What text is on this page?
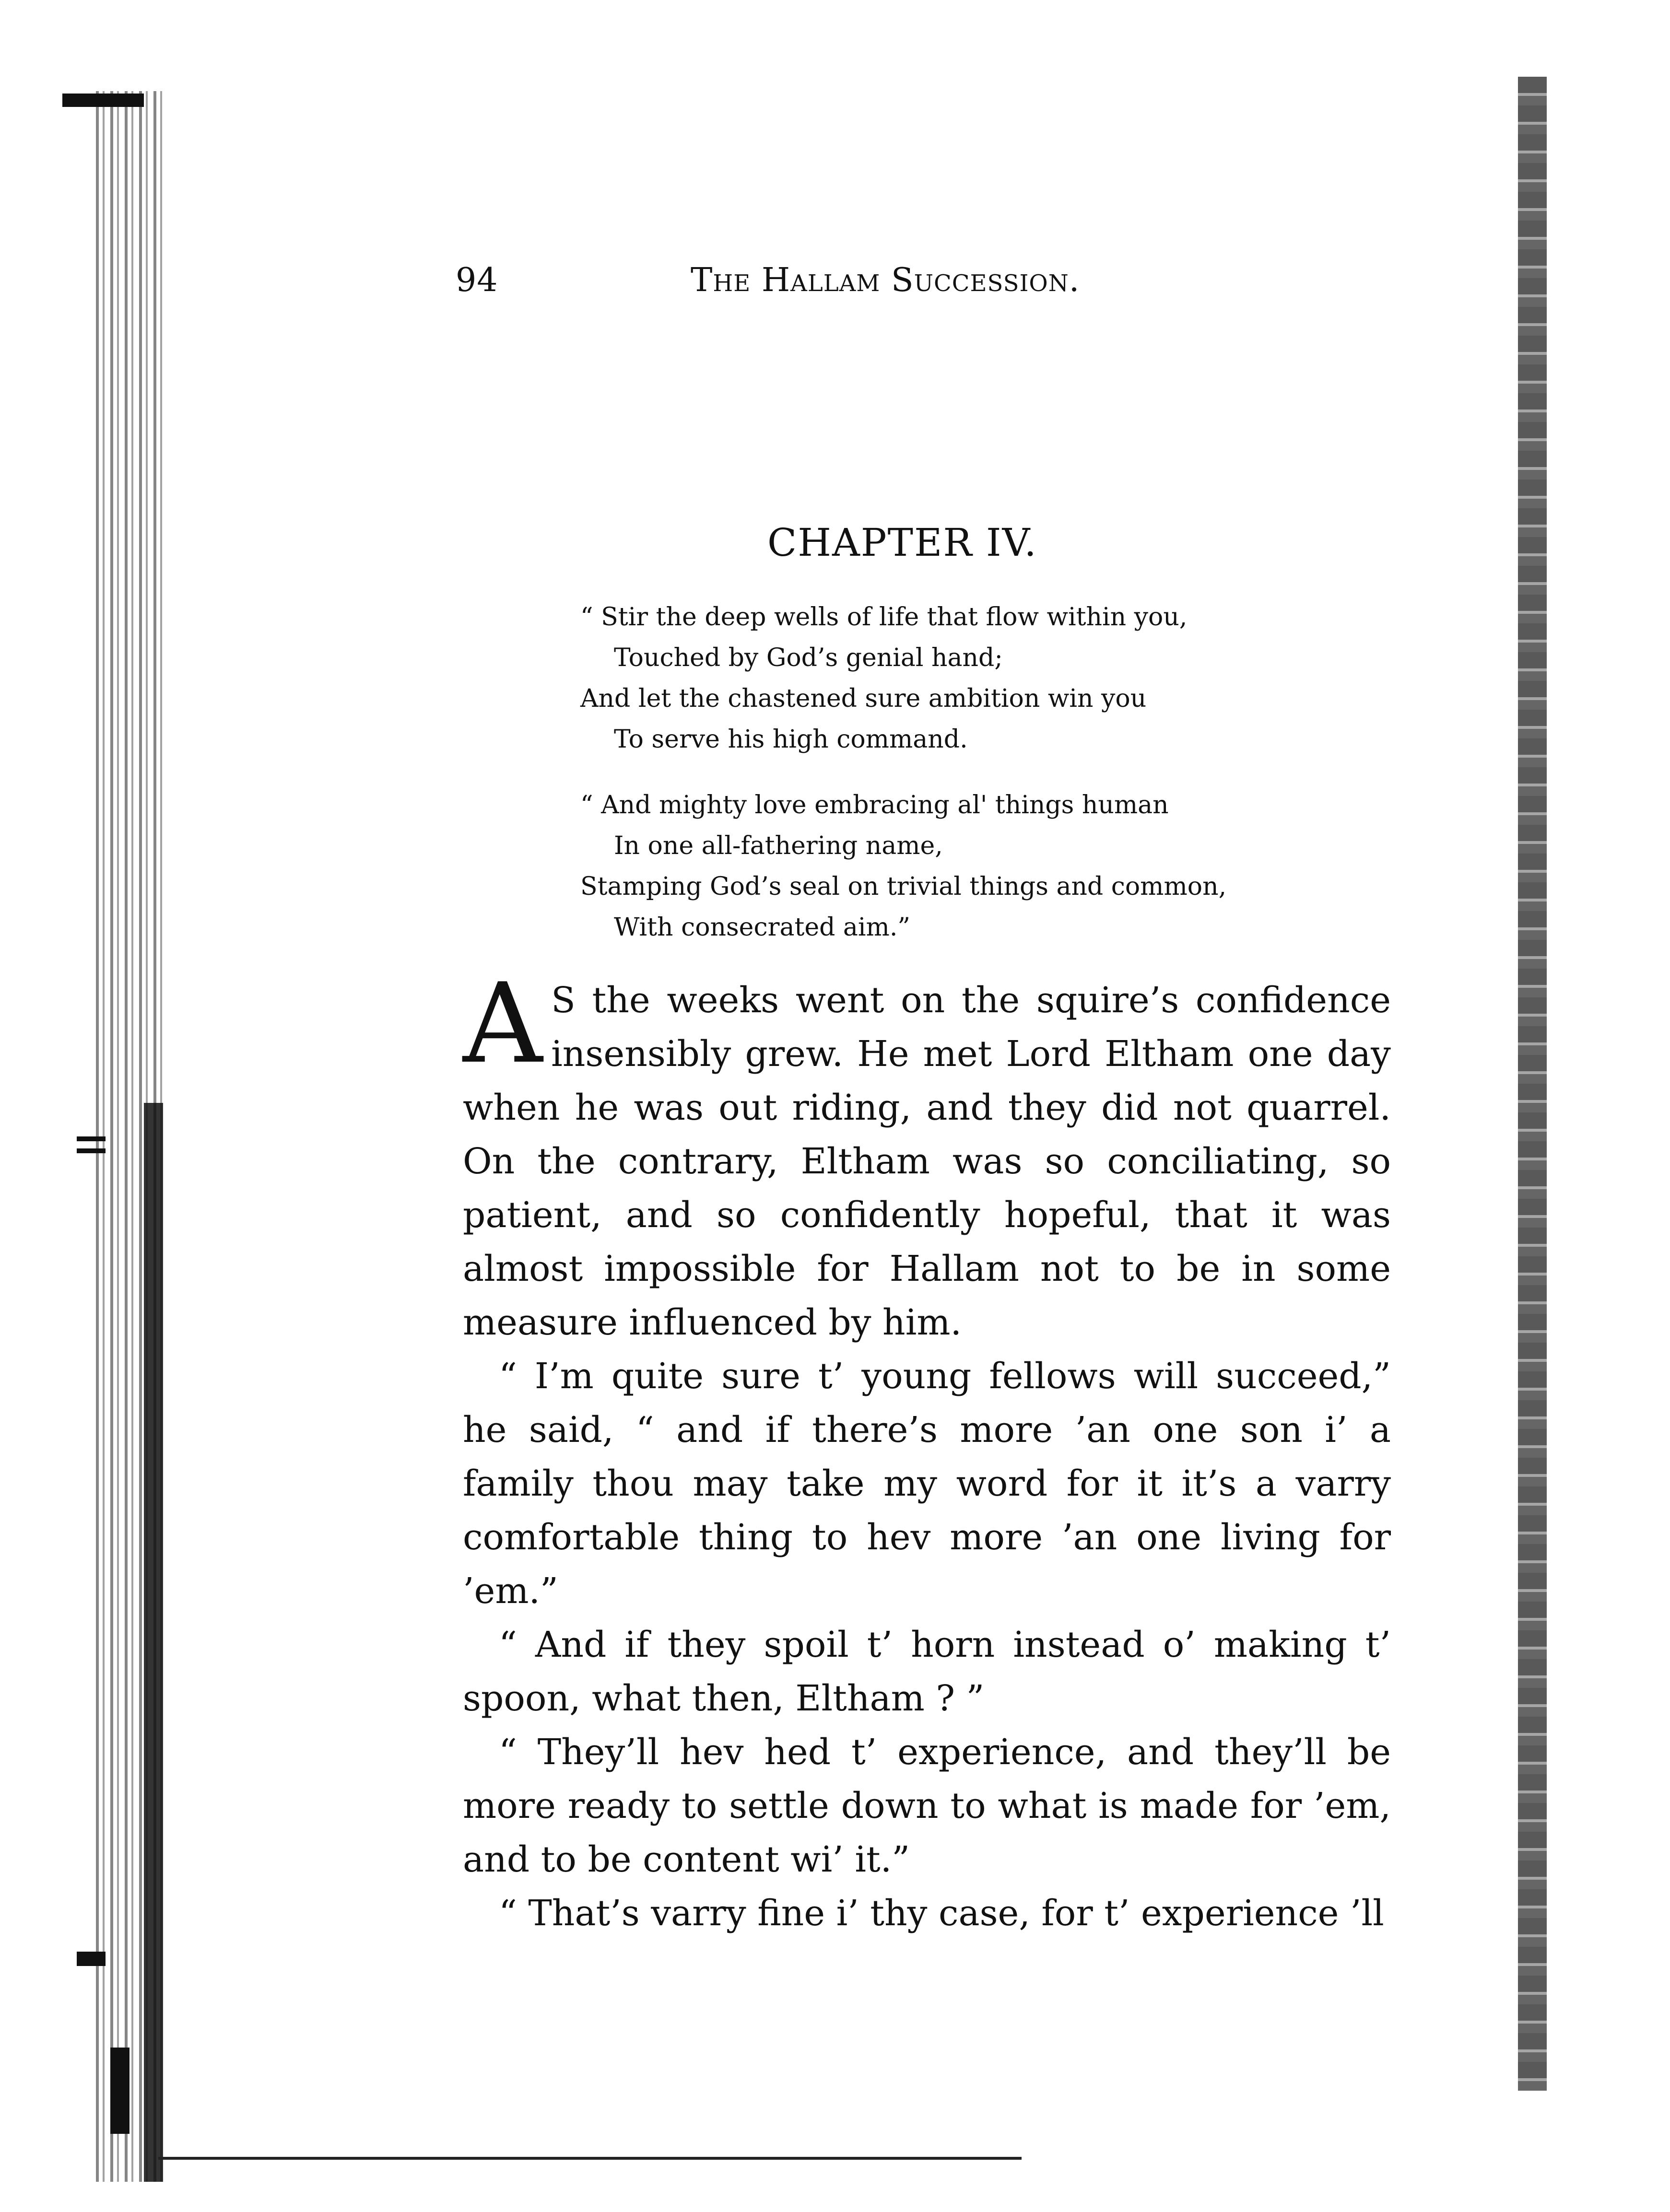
94	The Hallam Succession.
CHAPTER IV.
“ Stir the deep wells of life that flow within you,
Touched by God’s genial hand;
And let the chastened sure ambition win you
To serve his high command.
“ And mighty love embracing al' things human
In one all-fathering name,
Stamping God’s seal on trivial things and common,
With consecrated aim.”

A S the weeks went on the squire’s confidence insensibly grew. He met Lord Eltham one day when he was out riding, and they did not quarrel. On the contrary, Eltham was so conciliating, so patient, and so confidently hopeful, that it was almost impossible for Hallam not to be in some measure influenced by him.

“ I’m quite sure t’ young fellows will succeed,” he said, “ and if there’s more ’an one son i’ a family thou may take my word for it it’s a varry comfortable thing to hev more ’an one living for ’em.”

“ And if they spoil t’ horn instead o’ making t’ spoon, what then, Eltham ? ”

“ They’ll hev hed t’ experience, and they’ll be more ready to settle down to what is made for ’em, and to be content wi’ it.”

“ That’s varry fine i’ thy case, for t’ experience ’ll
